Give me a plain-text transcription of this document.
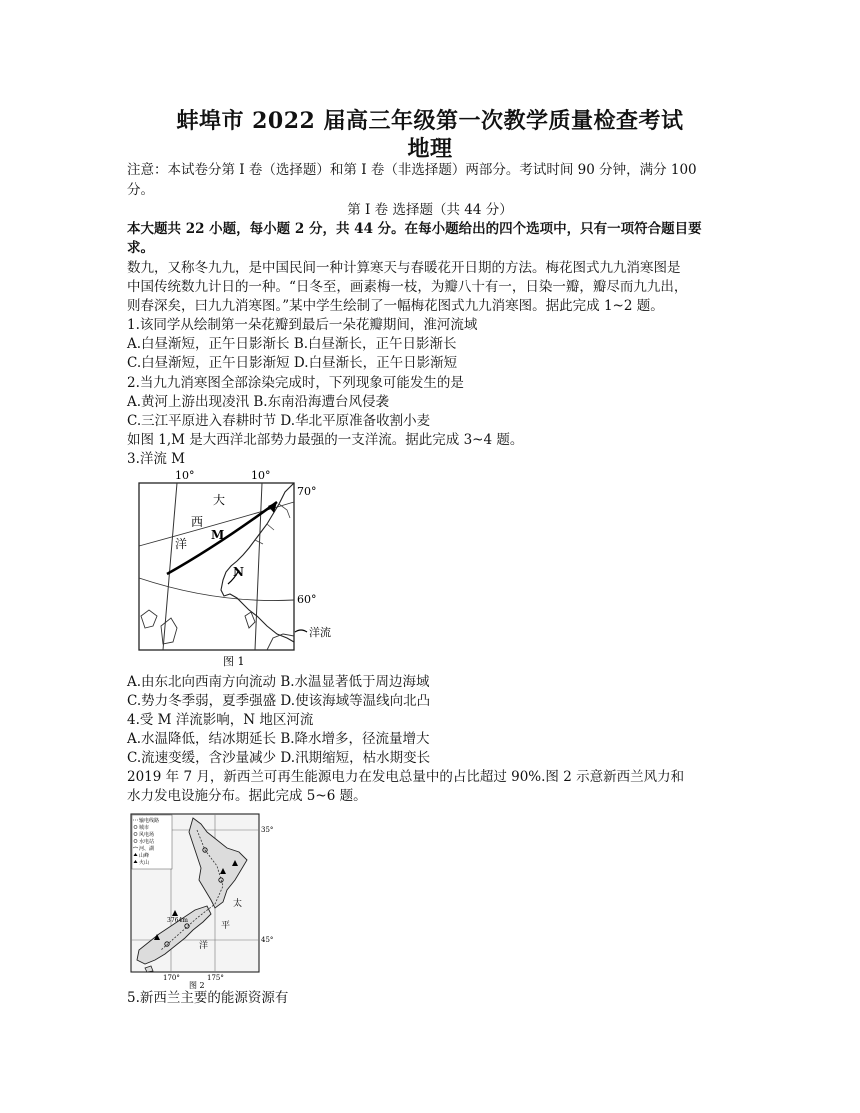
蚌埠市 2022 届高三年级第一次教学质量检查考试
地理
注意：本试卷分第 I 卷（选择题）和第 I 卷（非选择题）两部分。考试时间 90 分钟，满分 100
分。
第 I 卷 选择题（共 44 分）
本大题共 22 小题，每小题 2 分，共 44 分。在每小题给出的四个选项中，只有一项符合题目要
求。
数九，又称冬九九，是中国民间一种计算寒天与春暖花开日期的方法。梅花图式九九消寒图是
中国传统数九计日的一种。“日冬至，画素梅一枝，为瓣八十有一，日染一瓣，瓣尽而九九出，
则春深矣，曰九九消寒图。”某中学生绘制了一幅梅花图式九九消寒图。据此完成 1~2 题。
1.该同学从绘制第一朵花瓣到最后一朵花瓣期间，淮河流域
A.白昼渐短，正午日影渐长 B.白昼渐长，正午日影渐长
C.白昼渐短，正午日影渐短 D.白昼渐长，正午日影渐短
2.当九九消寒图全部涂染完成时，下列现象可能发生的是
A.黄河上游出现凌汛 B.东南沿海遭台风侵袭
C.三江平原进入春耕时节 D.华北平原准备收割小麦
如图 1,M 是大西洋北部势力最强的一支洋流。据此完成 3~4 题。
3.洋流 M
10°	10°
70°
60°
大
西
洋
M
N
洋流
图 1
A.由东北向西南方向流动 B.水温显著低于周边海域
C.势力冬季弱，夏季强盛 D.使该海域等温线向北凸
4.受 M 洋流影响，N 地区河流
A.水温降低，结冰期延长 B.降水增多，径流量增大
C.流速变缓，含沙量减少 D.汛期缩短，枯水期变长
2019 年 7 月，新西兰可再生能源电力在发电总量中的占比超过 90%.图 2 示意新西兰风力和
水力发电设施分布。据此完成 5~6 题。
输电线路
城市
风电场
水电站
河、湖
山峰
火山
35°
45°
170°	175°
3764m
太
平
洋
图 2
5.新西兰主要的能源资源有
